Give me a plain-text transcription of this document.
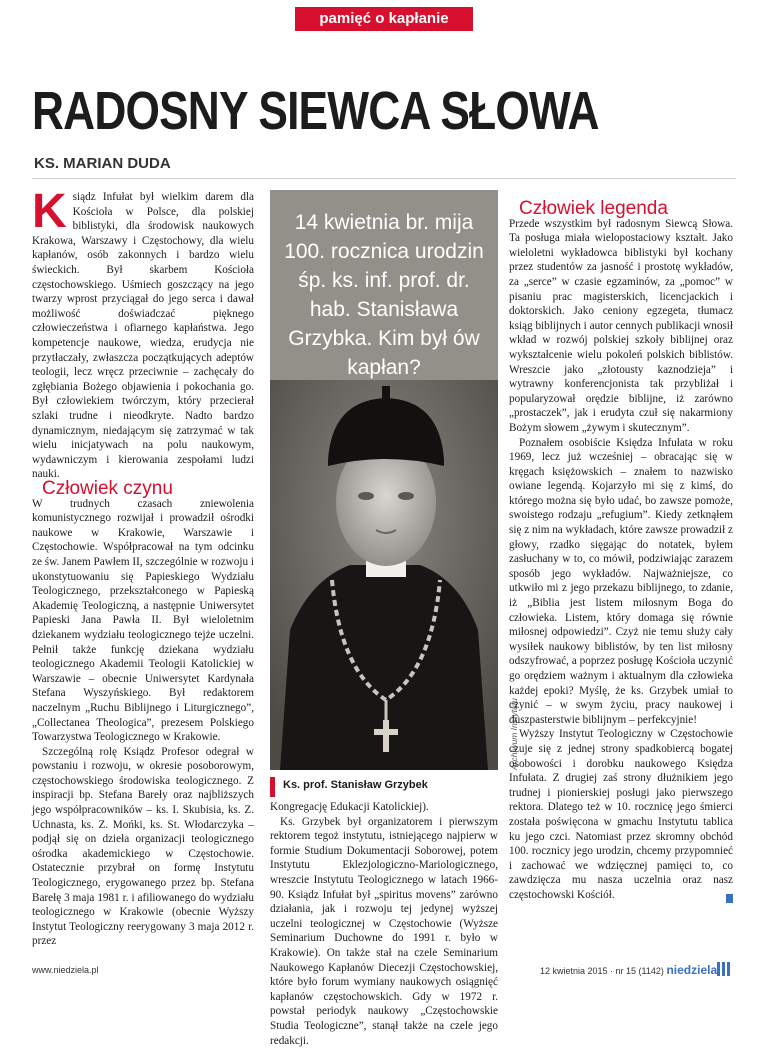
pamięć o kapłanie
RADOSNY SIEWCA SŁOWA
KS. MARIAN DUDA

Ksiądz Infułat był wielkim darem dla Kościoła w Polsce, dla polskiej biblistyki, dla środowisk naukowych Krakowa, Warszawy i Częstochowy, dla wielu kapłanów, osób zakonnych i bardzo wielu świeckich. Był skarbem Kościoła częstochowskiego. Uśmiech goszczący na jego twarzy wprost przyciągał do jego serca i dawał możliwość doświadczać pięknego człowieczeństwa i ofiarnego kapłaństwa. Jego kompetencje naukowe, wiedza, erudycja nie przytłaczały, zwłaszcza początkujących adeptów teologii, lecz wręcz przeciwnie – zachęcały do zgłębiania Bożego objawienia i pokochania go. Był człowiekiem twórczym, który przecierał szlaki trudne i nieodkryte. Nadto bardzo dynamicznym, niedającym się zatrzymać w tak wielu inicjatywach na polu naukowym, wydawniczym i kierowania zespołami ludzi nauki.

Człowiek czynu

W trudnych czasach zniewolenia komunistycznego rozwijał i prowadził ośrodki naukowe w Krakowie, Warszawie i Częstochowie. Współpracował na tym odcinku ze św. Janem Pawłem II, szczególnie w rozwoju i ukonstytuowaniu się Papieskiego Wydziału Teologicznego, przekształconego w Papieską Akademię Teologiczną, a następnie Uniwersytet Papieski Jana Pawła II. Był wieloletnim dziekanem wydziału teologicznego tejże uczelni. Pełnił także funkcję dziekana wydziału teologicznego Akademii Teologii Katolickiej w Warszawie – obecnie Uniwersytet Kardynała Stefana Wyszyńskiego. Był redaktorem naczelnym „Ruchu Biblijnego i Liturgicznego”, „Collectanea Theologica”, prezesem Polskiego Towarzystwa Teologicznego w Krakowie.

Szczególną rolę Ksiądz Profesor odegrał w powstaniu i rozwoju, w okresie posoborowym, częstochowskiego środowiska teologicznego. Z inspiracji bp. Stefana Bareły oraz najbliższych jego współpracowników – ks. I. Skubisia, ks. Z. Uchnasta, ks. Z. Mońki, ks. St. Włodarczyka – podjął się on dzieła organizacji teologicznego ośrodka akademickiego w Częstochowie. Ostatecznie przybrał on formę Instytutu Teologicznego, erygowanego przez bp. Stefana Barełę 3 maja 1981 r. i afiliowanego do wydziału teologicznego w Krakowie (obecnie Wyższy Instytut Teologiczny reerygowany 3 maja 2012 r. przez

14 kwietnia br. mija 100. rocznica urodzin śp. ks. inf. prof. dr. hab. Stanisława Grzybka. Kim był ów kapłan?

Archiwum Instytutu
Ks. prof. Stanisław Grzybek

Kongregację Edukacji Katolickiej).

Ks. Grzybek był organizatorem i pierwszym rektorem tegoż instytutu, istniejącego najpierw w formie Studium Dokumentacji Soborowej, potem Instytutu Eklezjologiczno-Mariologicznego, wreszcie Instytutu Teologicznego w latach 1966-90. Ksiądz Infułat był „spiritus movens” zarówno działania, jak i rozwoju tej jedynej wyższej uczelni teologicznej w Częstochowie (Wyższe Seminarium Duchowne do 1991 r. było w Krakowie). On także stał na czele Seminarium Naukowego Kapłanów Diecezji Częstochowskiej, które było forum wymiany naukowych osiągnięć kapłanów częstochowskich. Gdy w 1972 r. powstał periodyk naukowy „Częstochowskie Studia Teologiczne”, stanął także na czele jego redakcji.

Człowiek legenda

Przede wszystkim był radosnym Siewcą Słowa. Ta posługa miała wielopostaciowy kształt. Jako wieloletni wykładowca biblistyki był kochany przez studentów za jasność i prostotę wykładów, za „serce” w czasie egzaminów, za „pomoc” w pisaniu prac magisterskich, licencjackich i doktorskich. Jako cenionу egzegeta, tłumacz ksiąg biblijnych i autor cennych publikacji wnosił wkład w rozwój polskiej szkoły biblijnej oraz wykształcenie wielu pokoleń polskich biblistów. Wreszcie jako „złotousty kaznodzieja” i wytrawny konferencjonista tak przybliżał i popularyzował orędzie biblijne, iż zarówno „prostaczek”, jak i erudyta czuł się nakarmiony Bożym słowem „żywym i skutecznym”.

Poznałem osobiście Księdza Infułata w roku 1969, lecz już wcześniej – obracając się w kręgach księżowskich – znałem to nazwisko owiane legendą. Kojarzyło mi się z kimś, do którego można się było udać, bo zawsze pomoże, swoistego rodzaju „refugium”. Kiedy zetknąłem się z nim na wykładach, które zawsze prowadził z głowy, rzadko sięgając do notatek, byłem zasłuchany w to, co mówił, podziwiając zarazem sposób jego wykładów. Najważniejsze, co utkwiło mi z jego przekazu biblijnego, to zdanie, iż „Biblia jest listem miłosnym Boga do człowieka. Listem, który domaga się równie miłosnej odpowiedzi”. Czyż nie temu służy cały wysiłek naukowy biblistów, by ten list miłosny odszyfrować, a poprzez posługę Kościoła uczynić go orędziem ważnym i aktualnym dla człowieka każdej epoki? Myślę, że ks. Grzybek umiał to czynić – w swym życiu, pracy naukowej i duszpasterstwie biblijnym – perfekcyjnie!

Wyższy Instytut Teologiczny w Częstochowie czuje się z jednej strony spadkobiercą bogatej osobowości i dorobku naukowego Księdza Infułata. Z drugiej zaś strony dłużnikiem jego trudnej i pionierskiej posługi jako pierwszego rektora. Dlatego też w 10. rocznicę jego śmierci została poświęcona w gmachu Instytutu tablica ku jego czci. Natomiast przez skromny obchód 100. rocznicy jego urodzin, chcemy przypomnieć i zachować we wdzięcznej pamięci to, co zawdzięcza mu nasza uczelnia oraz nasz częstochowski Kościół.

www.niedziela.pl	12 kwietnia 2015 · nr 15 (1142) niedziela
